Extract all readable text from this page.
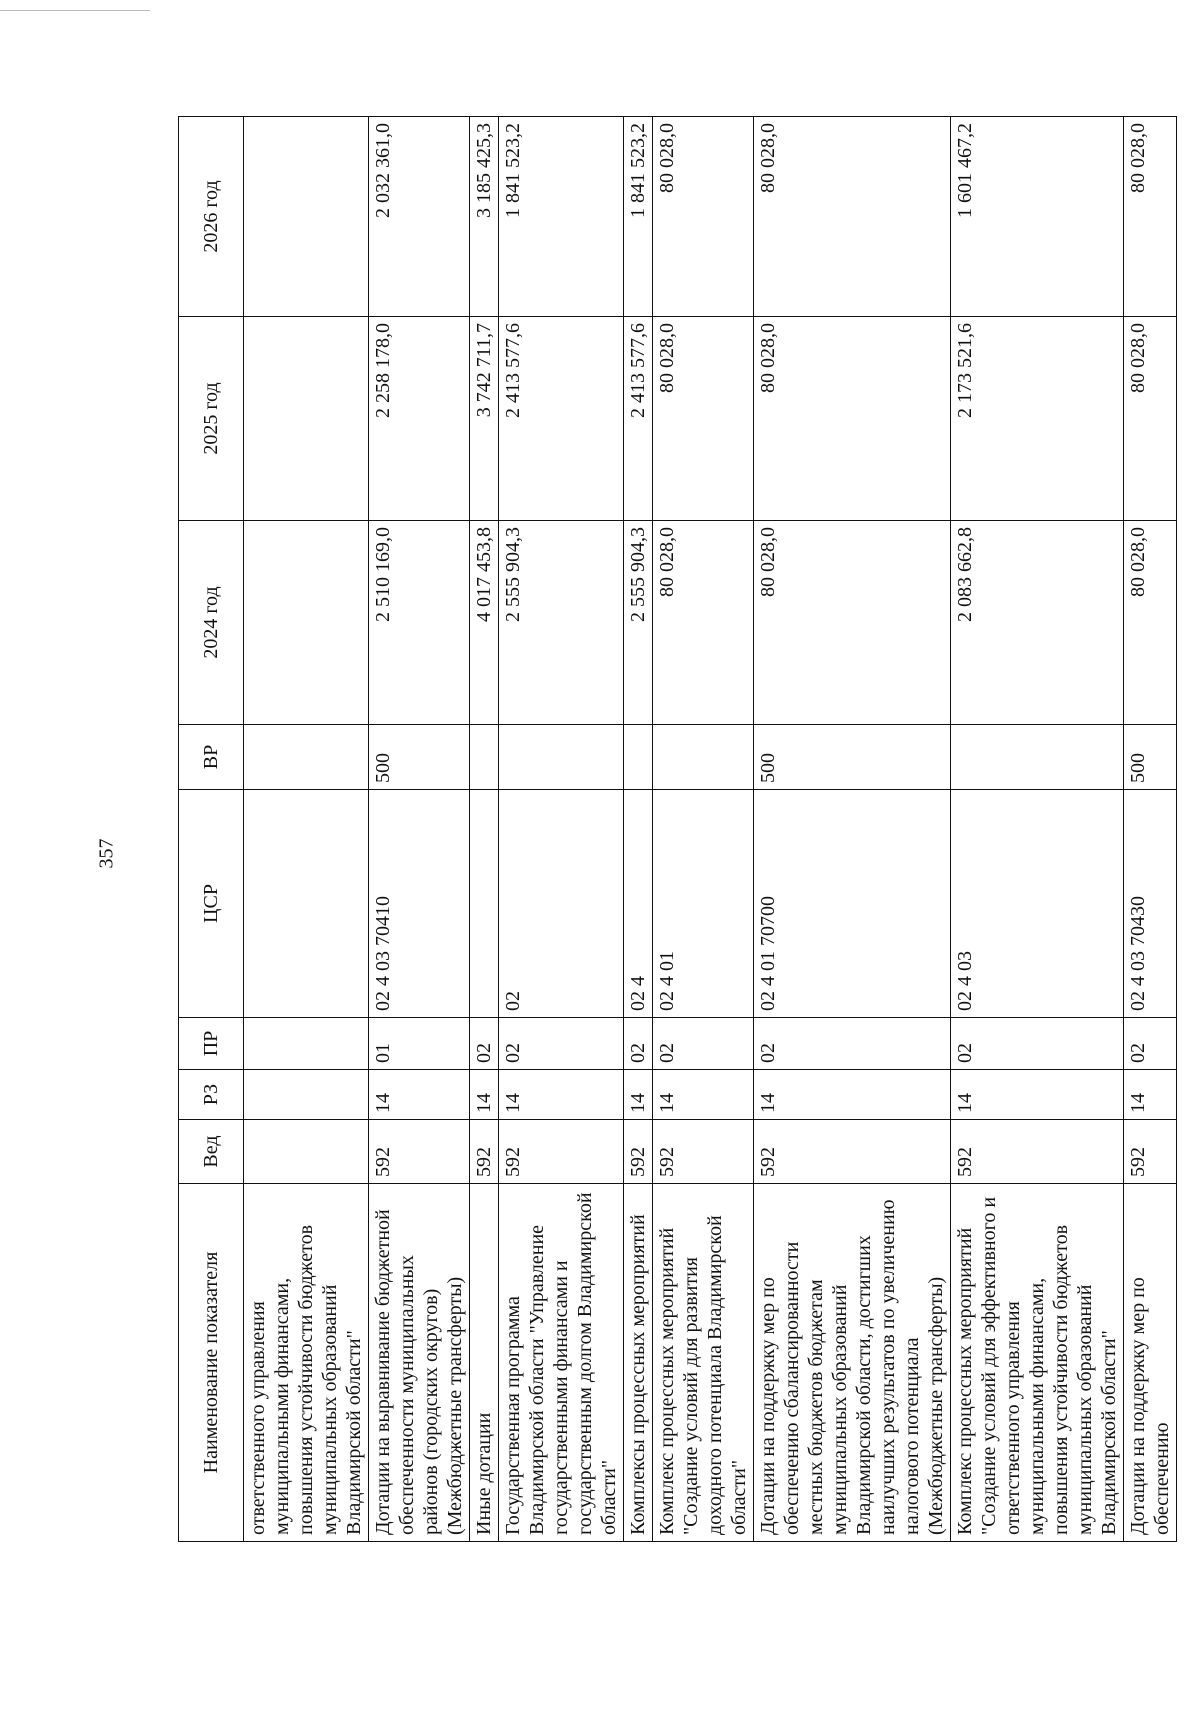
357
Наименование показателя	Вед	РЗ	ПР	ЦСР	ВР	2024 год	2025 год	2026 год
ответственного управления муниципальными финансами, повышения устойчивости бюджетов муниципальных образований Владимирской области"								
Дотации на выравнивание бюджетной обеспеченности муниципальных районов (городских округов) (Межбюджетные трансферты)	592	14	01	02 4 03 70410	500	2 510 169,0	2 258 178,0	2 032 361,0
Иные дотации	592	14	02			4 017 453,8	3 742 711,7	3 185 425,3
Государственная программа Владимирской области "Управление государственными финансами и государственным долгом Владимирской области"	592	14	02	02		2 555 904,3	2 413 577,6	1 841 523,2
Комплексы процессных мероприятий	592	14	02	02 4		2 555 904,3	2 413 577,6	1 841 523,2
Комплекс процессных мероприятий "Создание условий для развития доходного потенциала Владимирской области"	592	14	02	02 4 01		80 028,0	80 028,0	80 028,0
Дотации на поддержку мер по обеспечению сбалансированности местных бюджетов бюджетам муниципальных образований Владимирской области, достигших наилучших результатов по увеличению налогового потенциала (Межбюджетные трансферты)	592	14	02	02 4 01 70700	500	80 028,0	80 028,0	80 028,0
Комплекс процессных мероприятий "Создание условий для эффективного и ответственного управления муниципальными финансами, повышения устойчивости бюджетов муниципальных образований Владимирской области"	592	14	02	02 4 03		2 083 662,8	2 173 521,6	1 601 467,2
Дотации на поддержку мер по обеспечению	592	14	02	02 4 03 70430	500	80 028,0	80 028,0	80 028,0
